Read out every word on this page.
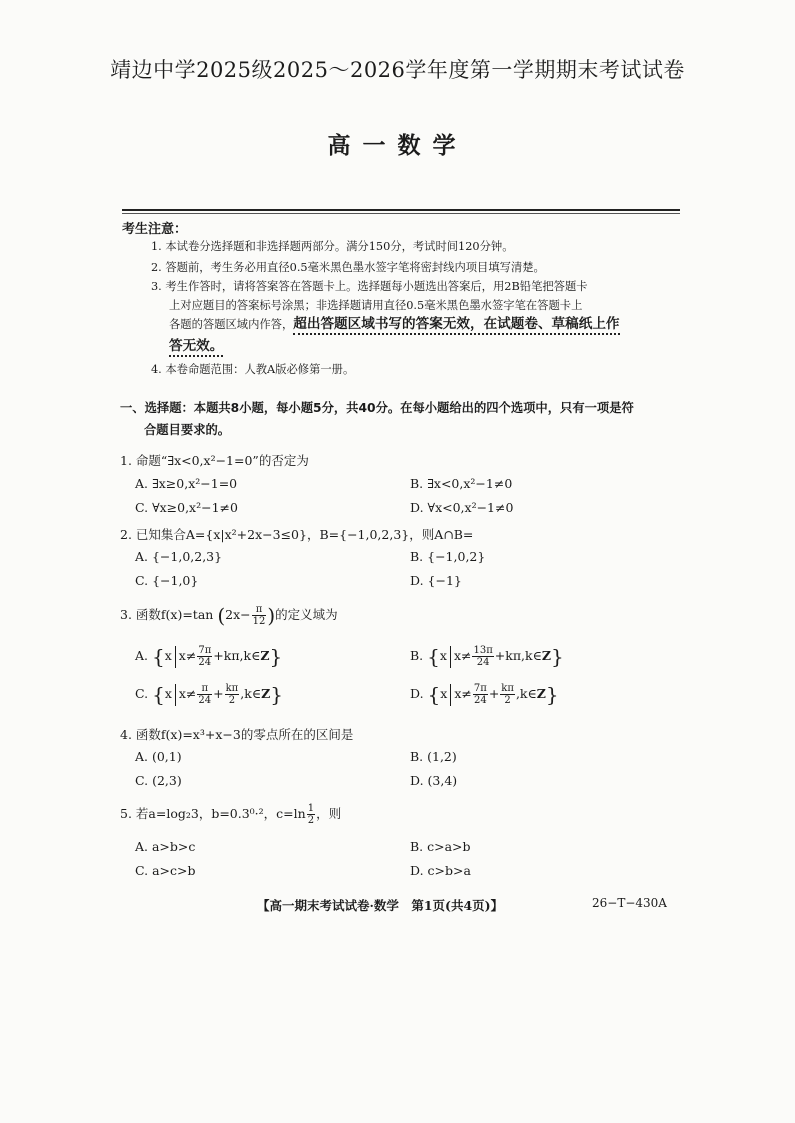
靖边中学2025级2025～2026学年度第一学期期末考试试卷
高一数学
考生注意：
1. 本试卷分选择题和非选择题两部分。满分150分，考试时间120分钟。
2. 答题前，考生务必用直径0.5毫米黑色墨水签字笔将密封线内项目填写清楚。
3. 考生作答时，请将答案答在答题卡上。选择题每小题选出答案后，用2B铅笔把答题卡
上对应题目的答案标号涂黑；非选择题请用直径0.5毫米黑色墨水签字笔在答题卡上
各题的答题区域内作答，超出答题区域书写的答案无效，在试题卷、草稿纸上作
答无效。
4. 本卷命题范围：人教A版必修第一册。
一、选择题：本题共8小题，每小题5分，共40分。在每小题给出的四个选项中，只有一项是符
合题目要求的。
1. 命题“∃x<0,x²−1=0”的否定为
A. ∃x≥0,x²−1=0	B. ∃x<0,x²−1≠0
C. ∀x≥0,x²−1≠0	D. ∀x<0,x²−1≠0
2. 已知集合A={x|x²+2x−3≤0}，B={−1,0,2,3}，则A∩B=
A. {−1,0,2,3}	B. {−1,0,2}
C. {−1,0}	D. {−1}
3. 函数f(x)=tan ($2x- \frac{\pi}{12}$ )的定义域为
A. {x $x\ne \frac{7\pi}{24}$ +kπ,k∈Z}	B. {x $x\ne \frac{13\pi}{24}$ +kπ,k∈Z}
C. {x $x\ne \frac{\pi}{24} + \frac{k\pi}{2}$ ,k∈Z}	D. {x $x\ne \frac{7\pi}{24} + \frac{k\pi}{2}$ ,k∈Z}
4. 函数f(x)=x³+x−3的零点所在的区间是
A. (0,1)	B. (1,2)
C. (2,3)	D. (3,4)
5. 若a=log₂3，b=0.3⁰·²，$c=\ln \frac{1}{2}$ ，则
A. a>b>c	B. c>a>b
C. a>c>b	D. c>b>a
【高一期末考试试卷·数学　第1页(共4页)】	26−T−430A
